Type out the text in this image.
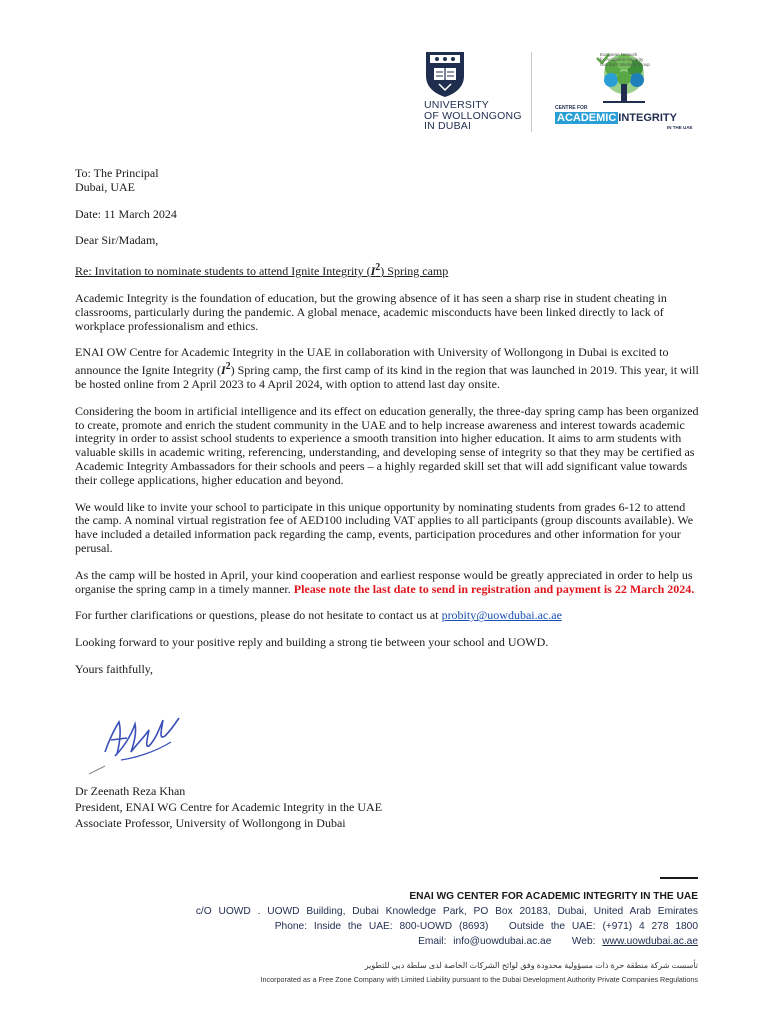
UNIVERSITY
OF WOLLONGONG
IN DUBAI
European Network
for Academic Integrity
Outreach Working Group
CENTRE FOR
ACADEMIC INTEGRITY
IN THE UAE

To: The Principal

Dubai, UAE

Date: 11 March 2024

Dear Sir/Madam,

Re: Invitation to nominate students to attend Ignite Integrity $(I^2)$ Spring camp

Academic Integrity is the foundation of education, but the growing absence of it has seen a sharp rise in student cheating in classrooms, particularly during the pandemic. A global menace, academic misconducts have been linked directly to lack of workplace professionalism and ethics.

ENAI OW Centre for Academic Integrity in the UAE in collaboration with University of Wollongong in Dubai is excited to announce the Ignite Integrity $(I^2)$ Spring camp, the first camp of its kind in the region that was launched in 2019. This year, it will be hosted online from 2 April 2023 to 4 April 2024, with option to attend last day onsite.

Considering the boom in artificial intelligence and its effect on education generally, the three-day spring camp has been organized to create, promote and enrich the student community in the UAE and to help increase awareness and interest towards academic integrity in order to assist school students to experience a smooth transition into higher education. It aims to arm students with valuable skills in academic writing, referencing, understanding, and developing sense of integrity so that they may be certified as Academic Integrity Ambassadors for their schools and peers – a highly regarded skill set that will add significant value towards their college applications, higher education and beyond.

We would like to invite your school to participate in this unique opportunity by nominating students from grades 6-12 to attend the camp. A nominal virtual registration fee of AED100 including VAT applies to all participants (group discounts available). We have included a detailed information pack regarding the camp, events, participation procedures and other information for your perusal.

As the camp will be hosted in April, your kind cooperation and earliest response would be greatly appreciated in order to help us organise the spring camp in a timely manner. Please note the last date to send in registration and payment is 22 March 2024.

For further clarifications or questions, please do not hesitate to contact us at probity@uowdubai.ac.ae

Looking forward to your positive reply and building a strong tie between your school and UOWD.

Yours faithfully,

Dr Zeenath Reza Khan
President, ENAI WG Centre for Academic Integrity in the UAE
Associate Professor, University of Wollongong in Dubai
ENAI WG CENTER FOR ACADEMIC INTEGRITY IN THE UAE
c/O UOWD . UOWD Building, Dubai Knowledge Park, PO Box 20183, Dubai, United Arab Emirates
Phone: Inside the UAE: 800-UOWD (8693)   Outside the UAE: (+971) 4 278 1800
Email: info@uowdubai.ac.ae   Web: www.uowdubai.ac.ae
تأسست شركة منطقة حرة ذات مسؤولية محدودة وفق لوائح الشركات الخاصة لدى سلطة دبي للتطوير
Incorporated as a Free Zone Company with Limited Liability pursuant to the Dubai Development Authority Private Companies Regulations
